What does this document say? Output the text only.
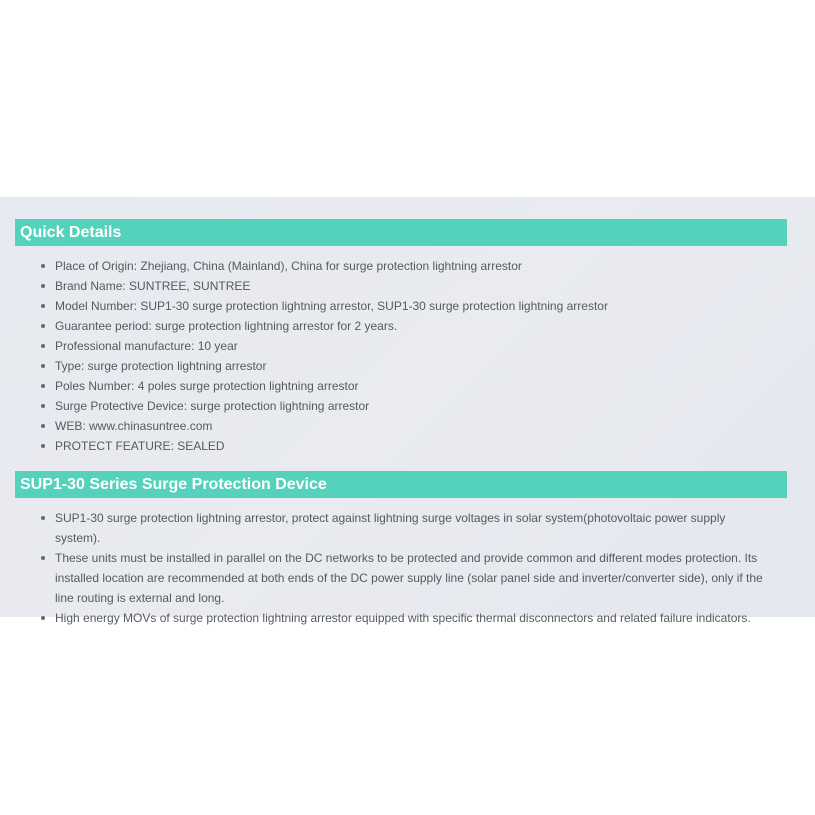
Quick Details
Place of Origin: Zhejiang, China (Mainland), China for surge protection lightning arrestor
Brand Name: SUNTREE, SUNTREE
Model Number: SUP1-30 surge protection lightning arrestor, SUP1-30 surge protection lightning arrestor
Guarantee period: surge protection lightning arrestor for 2 years.
Professional manufacture: 10 year
Type: surge protection lightning arrestor
Poles Number: 4 poles surge protection lightning arrestor
Surge Protective Device: surge protection lightning arrestor
WEB: www.chinasuntree.com
PROTECT FEATURE: SEALED
SUP1-30 Series Surge Protection Device
SUP1-30 surge protection lightning arrestor, protect against lightning surge voltages in solar system(photovoltaic power supply system).
These units must be installed in parallel on the DC networks to be protected and provide common and different modes protection. Its installed location are recommended at both ends of the DC power supply line (solar panel side and inverter/converter side), only if the line routing is external and long.
High energy MOVs of surge protection lightning arrestor equipped with specific thermal disconnectors and related failure indicators.
